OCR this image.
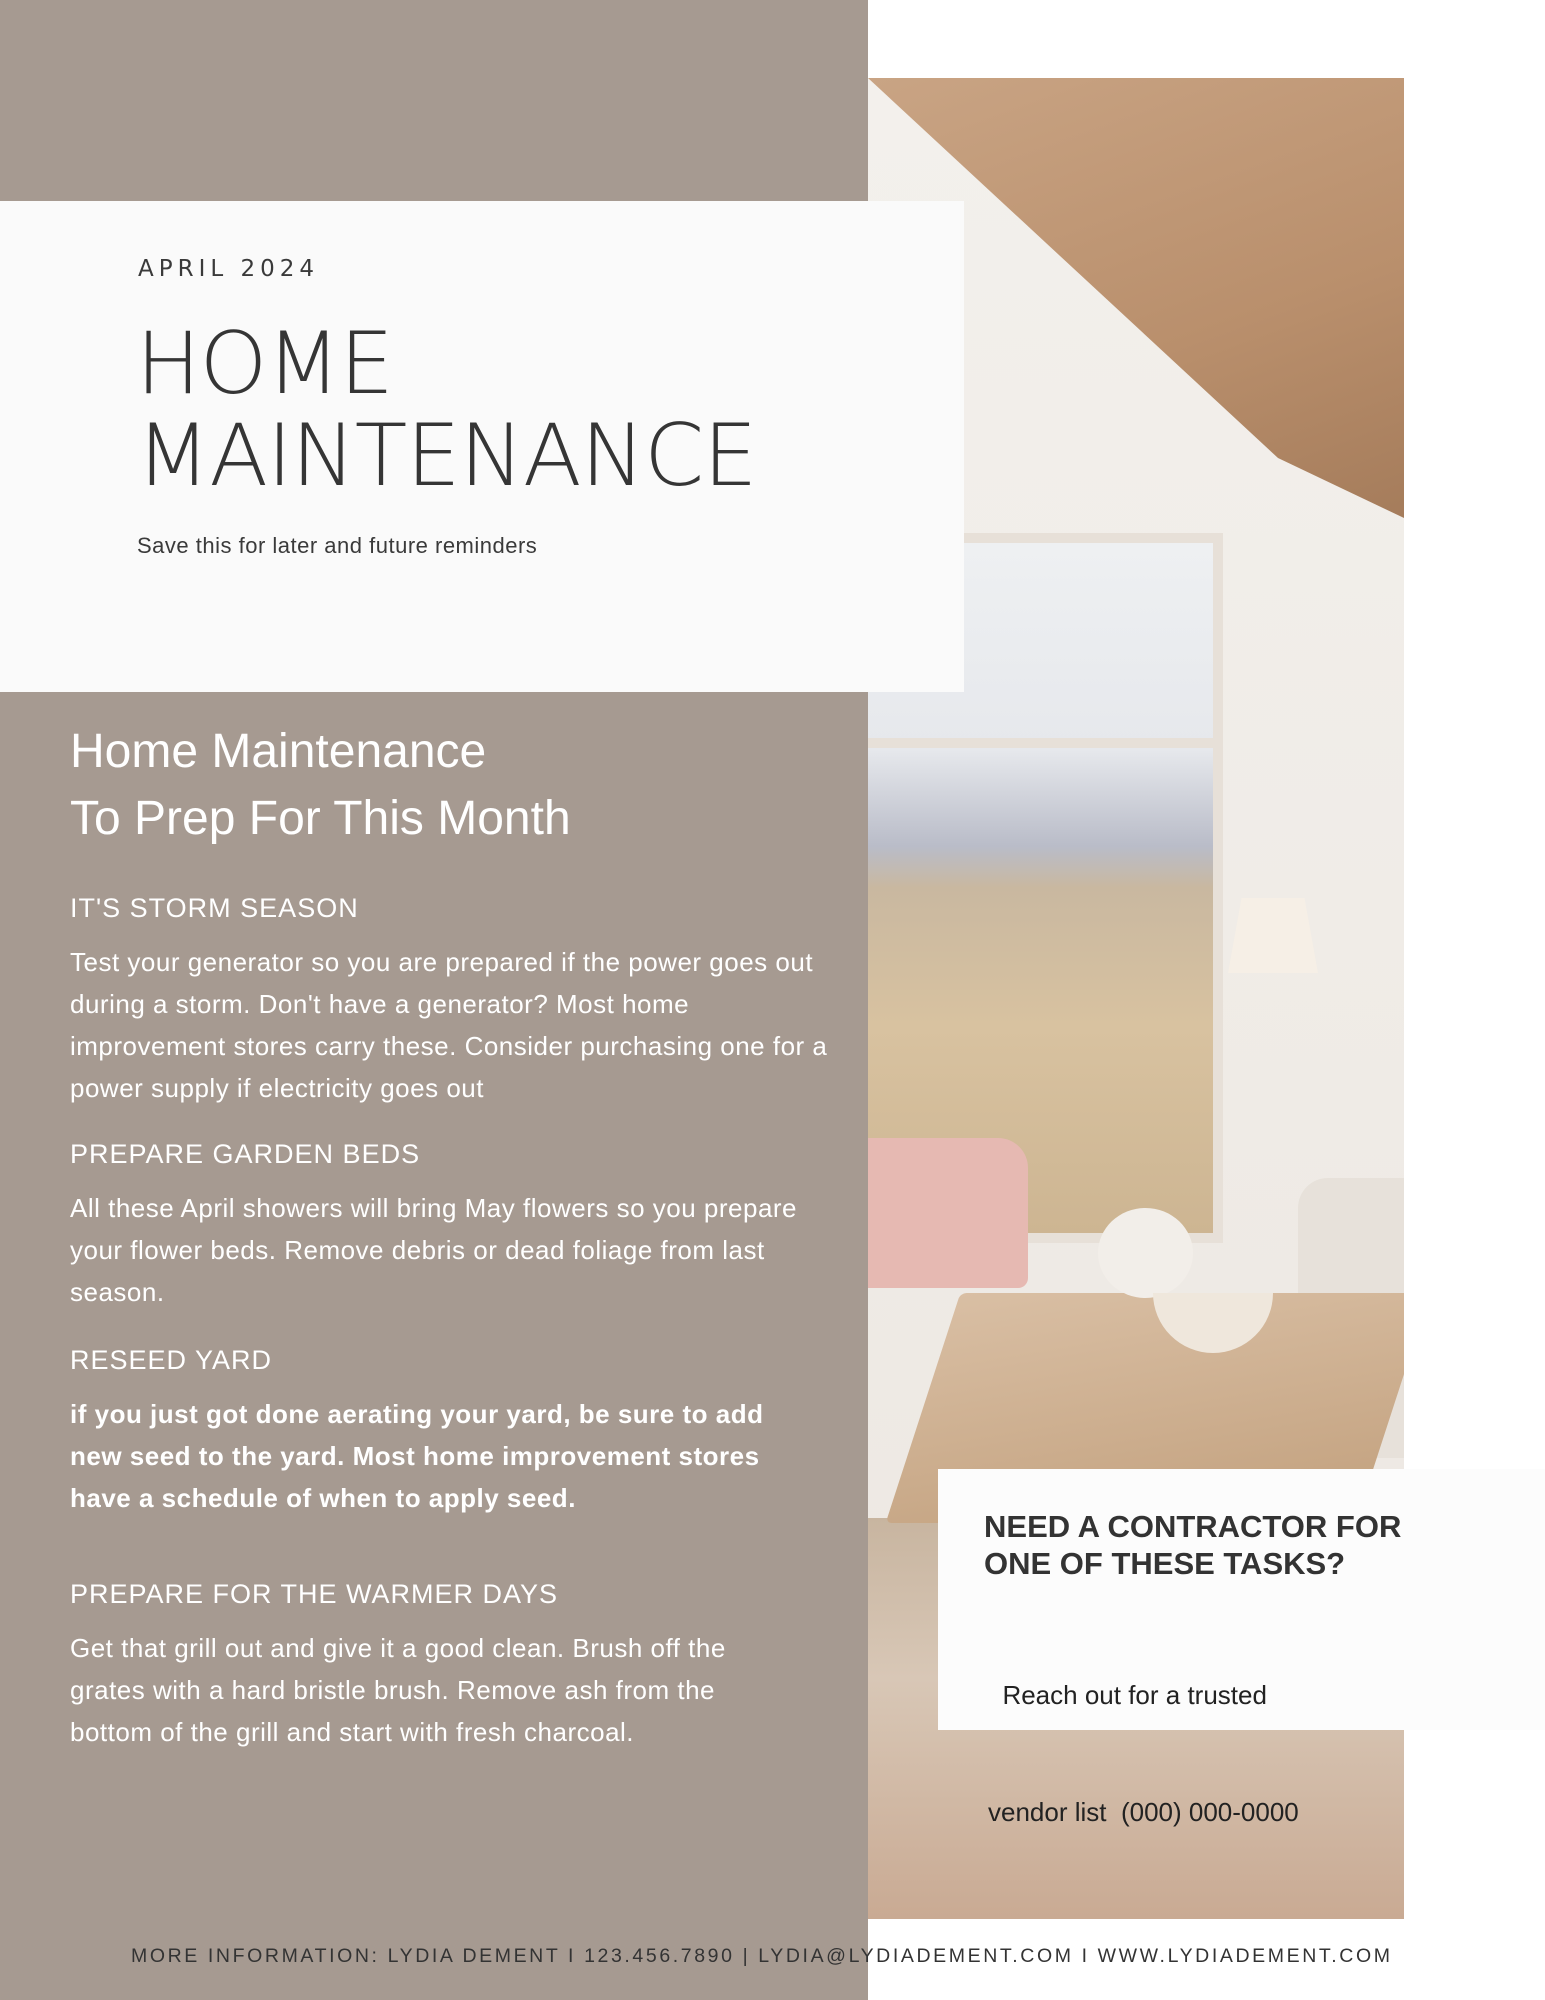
APRIL 2024
HOME
MAINTENANCE
Save this for later and future reminders
Home Maintenance
To Prep For This Month
IT'S STORM SEASON

Test your generator so you are prepared if the power goes out during a storm. Don't have a generator? Most home improvement stores carry these. Consider purchasing one for a power supply if electricity goes out

PREPARE GARDEN BEDS

All these April showers will bring May flowers so you prepare your flower beds. Remove debris or dead foliage from last season.

RESEED YARD

if you just got done aerating your yard, be sure to add new seed to the yard. Most home improvement stores have a schedule of when to apply seed.

PREPARE FOR THE WARMER DAYS

Get that grill out and give it a good clean. Brush off the grates with a hard bristle brush. Remove ash from the bottom of the grill and start with fresh charcoal.

NEED A CONTRACTOR FOR
ONE OF THESE TASKS?

Reach out for a trusted

vendor list  (000) 000-0000

MORE INFORMATION: LYDIA DEMENT I 123.456.7890 | LYDIA@LYDIADEMENT.COM I WWW.LYDIADEMENT.COM
